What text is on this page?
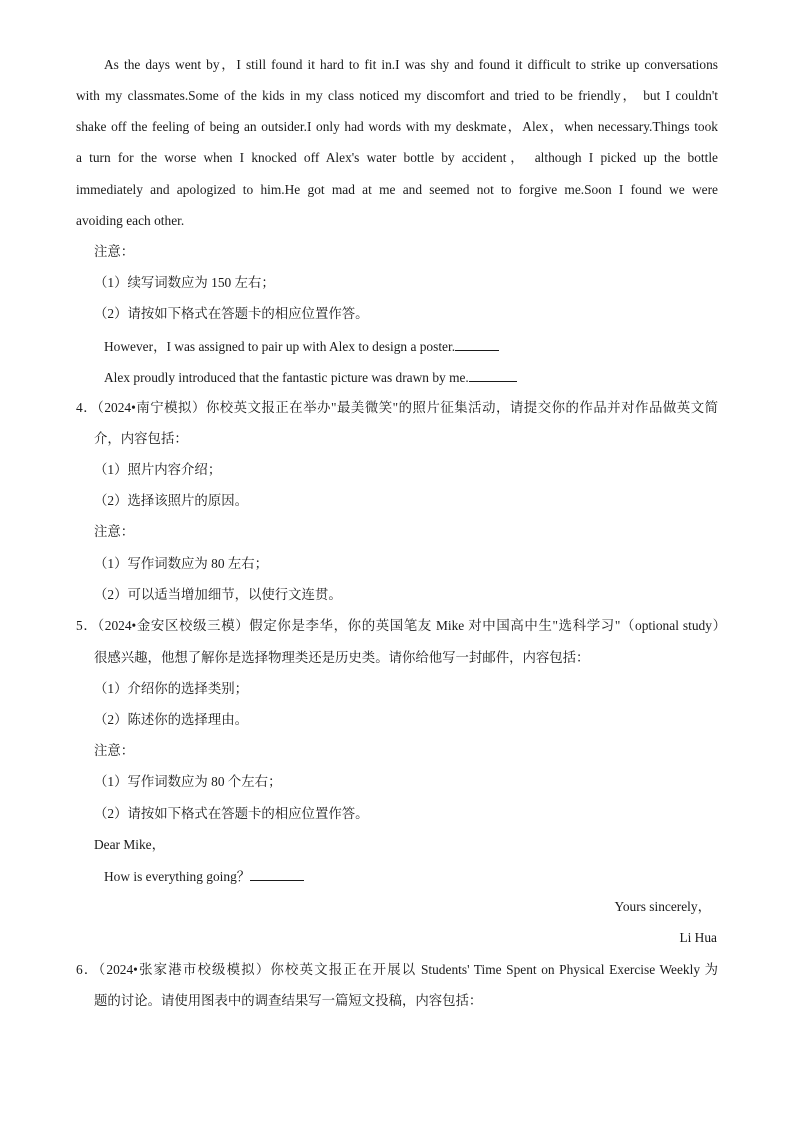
As the days went by，I still found it hard to fit in.I was shy and found it difficult to strike up conversations
with my classmates.Some of the kids in my class noticed my discomfort and tried to be friendly， but I couldn't
shake off the feeling of being an outsider.I only had words with my deskmate，Alex，when necessary.Things took
a turn for the worse when I knocked off Alex's water bottle by accident， although I picked up the bottle
immediately and apologized to him.He got mad at me and seemed not to forgive me.Soon I found we were
avoiding each other.
注意：
（1）续写词数应为 150 左右；
（2）请按如下格式在答题卡的相应位置作答。
However，I was assigned to pair up with Alex to design a poster.
Alex proudly introduced that the fantastic picture was drawn by me.
4．（2024•南宁模拟）你校英文报正在举办"最美微笑"的照片征集活动，请提交你的作品并对作品做英文简
介，内容包括：
（1）照片内容介绍；
（2）选择该照片的原因。
注意：
（1）写作词数应为 80 左右；
（2）可以适当增加细节，以使行文连贯。
5．（2024•金安区校级三模）假定你是李华，你的英国笔友 Mike 对中国高中生"选科学习"（optional study）
很感兴趣，他想了解你是选择物理类还是历史类。请你给他写一封邮件，内容包括：
（1）介绍你的选择类别；
（2）陈述你的选择理由。
注意：
（1）写作词数应为 80 个左右；
（2）请按如下格式在答题卡的相应位置作答。
Dear Mike，
How is everything going？
Yours sincerely，
Li Hua
6．（2024•张家港市校级模拟）你校英文报正在开展以 Students' Time Spent on Physical Exercise Weekly 为
题的讨论。请使用图表中的调查结果写一篇短文投稿，内容包括：
